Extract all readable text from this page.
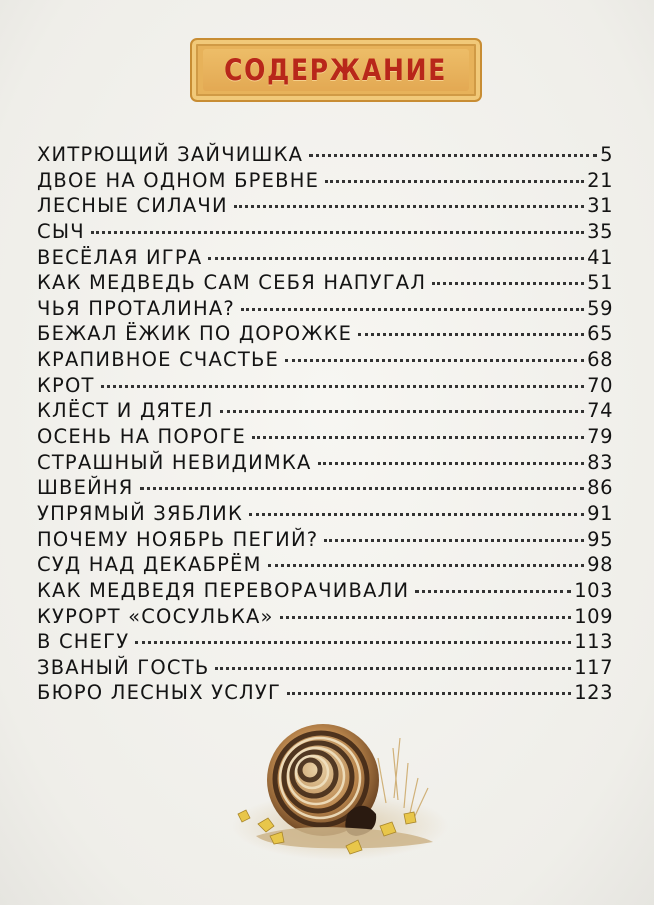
СОДЕРЖАНИЕ
ХИТРЮЩИЙ ЗАЙЧИШКА	5
ДВОЕ НА ОДНОМ БРЕВНЕ	21
ЛЕСНЫЕ СИЛАЧИ	31
СЫЧ	35
ВЕСЁЛАЯ ИГРА	41
КАК МЕДВЕДЬ САМ СЕБЯ НАПУГАЛ	51
ЧЬЯ ПРОТАЛИНА?	59
БЕЖАЛ ЁЖИК ПО ДОРОЖКЕ	65
КРАПИВНОЕ СЧАСТЬЕ	68
КРОТ	70
КЛЁСТ И ДЯТЕЛ	74
ОСЕНЬ НА ПОРОГЕ	79
СТРАШНЫЙ НЕВИДИМКА	83
ШВЕЙНЯ	86
УПРЯМЫЙ ЗЯБЛИК	91
ПОЧЕМУ НОЯБРЬ ПЕГИЙ?	95
СУД НАД ДЕКАБРЁМ	98
КАК МЕДВЕДЯ ПЕРЕВОРАЧИВАЛИ	103
КУРОРТ «СОСУЛЬКА»	109
В СНЕГУ	113
ЗВАНЫЙ ГОСТЬ	117
БЮРО ЛЕСНЫХ УСЛУГ	123
